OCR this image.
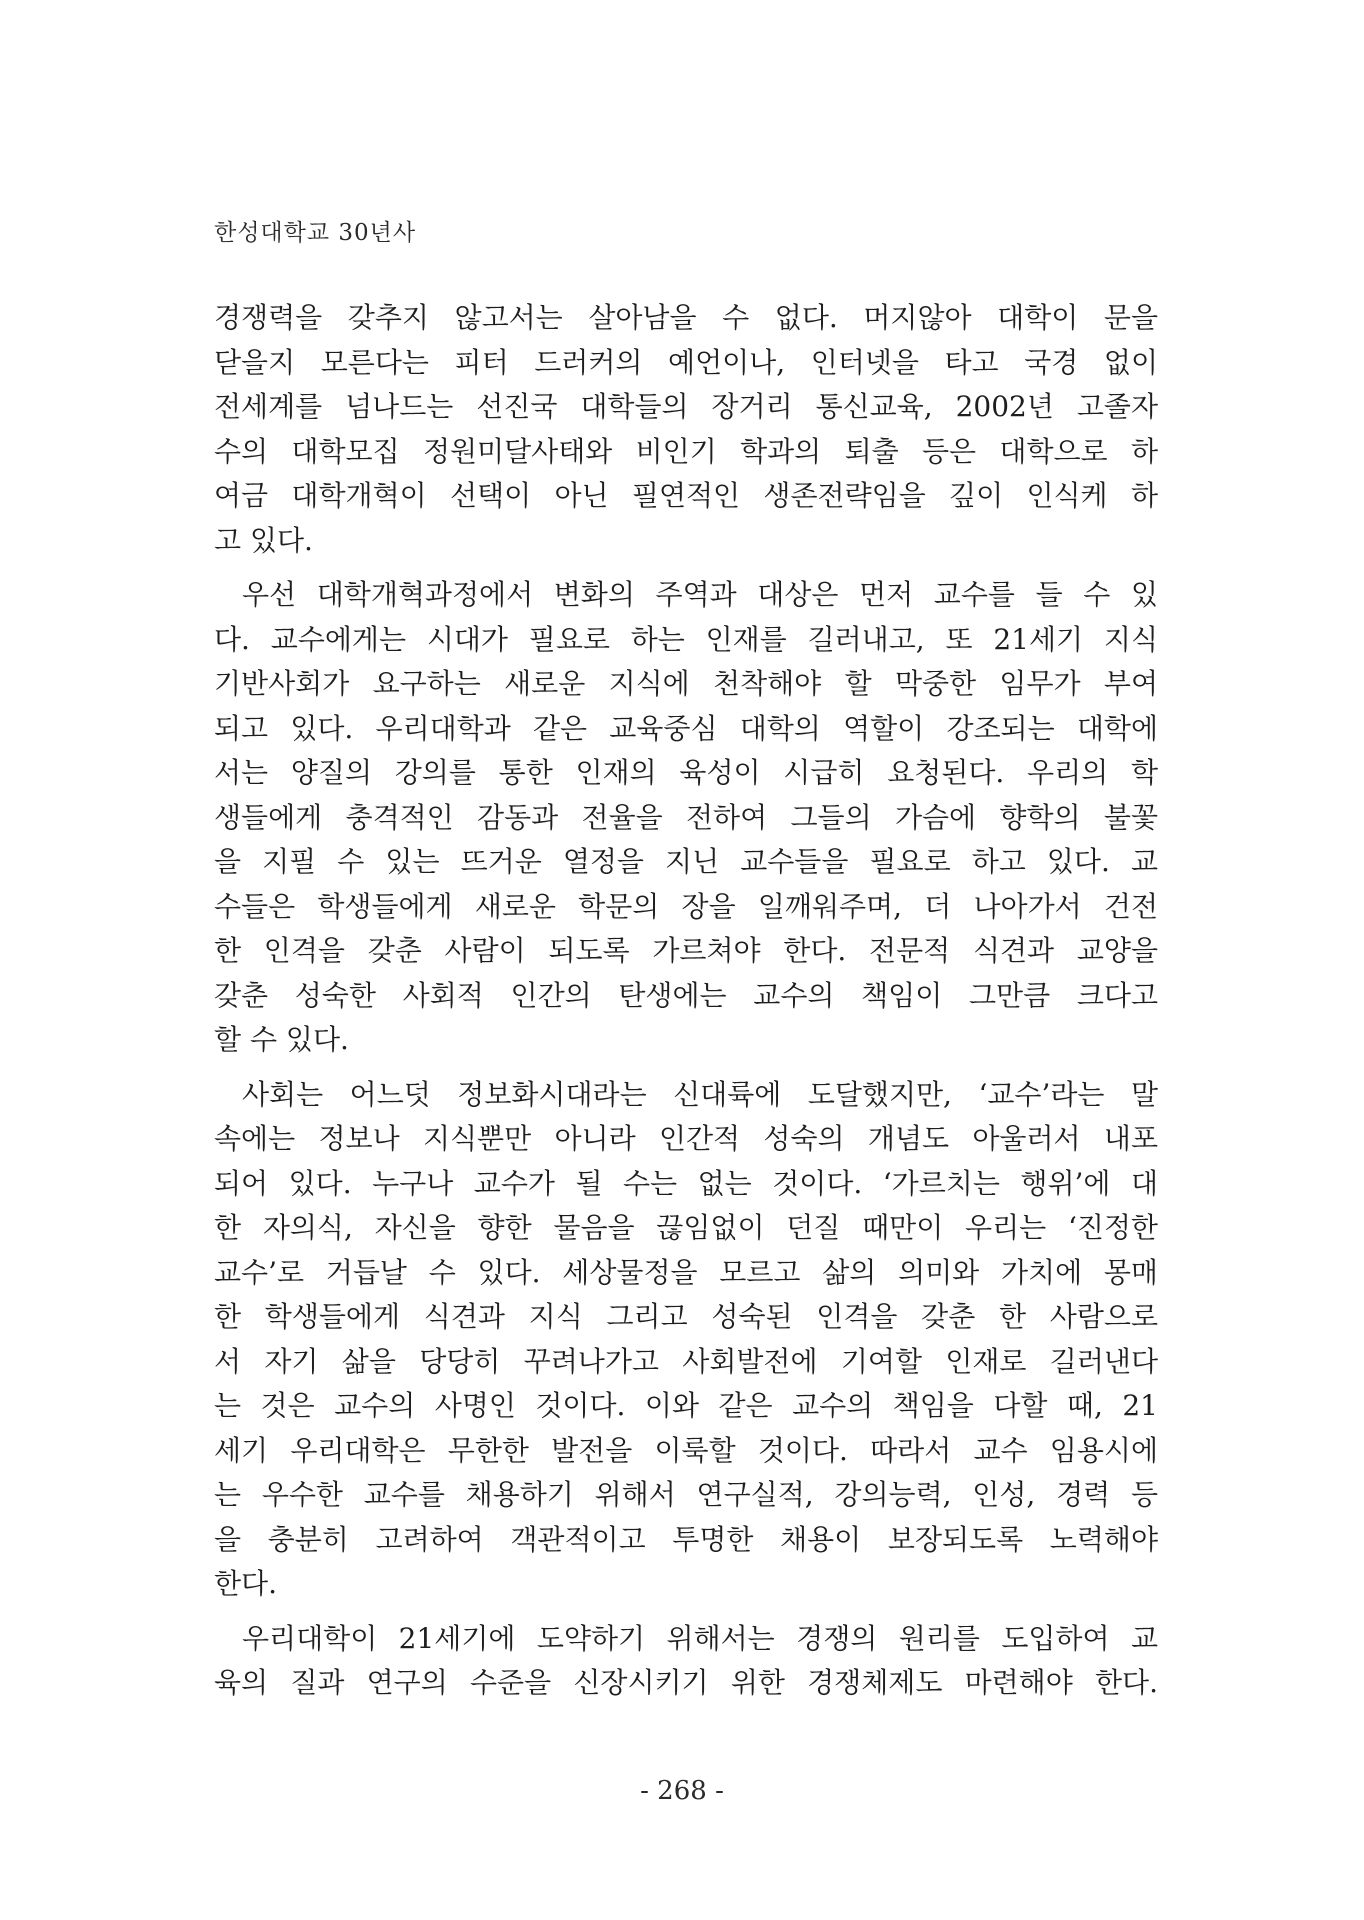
한성대학교 30년사
경쟁력을 갖추지 않고서는 살아남을 수 없다. 머지않아 대학이 문을
닫을지 모른다는 피터 드러커의 예언이나, 인터넷을 타고 국경 없이
전세계를 넘나드는 선진국 대학들의 장거리 통신교육, 2002년 고졸자
수의 대학모집 정원미달사태와 비인기 학과의 퇴출 등은 대학으로 하
여금 대학개혁이 선택이 아닌 필연적인 생존전략임을 깊이 인식케 하
고 있다.
우선 대학개혁과정에서 변화의 주역과 대상은 먼저 교수를 들 수 있
다. 교수에게는 시대가 필요로 하는 인재를 길러내고, 또 21세기 지식
기반사회가 요구하는 새로운 지식에 천착해야 할 막중한 임무가 부여
되고 있다. 우리대학과 같은 교육중심 대학의 역할이 강조되는 대학에
서는 양질의 강의를 통한 인재의 육성이 시급히 요청된다. 우리의 학
생들에게 충격적인 감동과 전율을 전하여 그들의 가슴에 향학의 불꽃
을 지필 수 있는 뜨거운 열정을 지닌 교수들을 필요로 하고 있다. 교
수들은 학생들에게 새로운 학문의 장을 일깨워주며, 더 나아가서 건전
한 인격을 갖춘 사람이 되도록 가르쳐야 한다. 전문적 식견과 교양을
갖춘 성숙한 사회적 인간의 탄생에는 교수의 책임이 그만큼 크다고
할 수 있다.
사회는 어느덧 정보화시대라는 신대륙에 도달했지만, ‘교수’라는 말
속에는 정보나 지식뿐만 아니라 인간적 성숙의 개념도 아울러서 내포
되어 있다. 누구나 교수가 될 수는 없는 것이다. ‘가르치는 행위’에 대
한 자의식, 자신을 향한 물음을 끊임없이 던질 때만이 우리는 ‘진정한
교수’로 거듭날 수 있다. 세상물정을 모르고 삶의 의미와 가치에 몽매
한 학생들에게 식견과 지식 그리고 성숙된 인격을 갖춘 한 사람으로
서 자기 삶을 당당히 꾸려나가고 사회발전에 기여할 인재로 길러낸다
는 것은 교수의 사명인 것이다. 이와 같은 교수의 책임을 다할 때, 21
세기 우리대학은 무한한 발전을 이룩할 것이다. 따라서 교수 임용시에
는 우수한 교수를 채용하기 위해서 연구실적, 강의능력, 인성, 경력 등
을 충분히 고려하여 객관적이고 투명한 채용이 보장되도록 노력해야
한다.
우리대학이 21세기에 도약하기 위해서는 경쟁의 원리를 도입하여 교
육의 질과 연구의 수준을 신장시키기 위한 경쟁체제도 마련해야 한다.
- 268 -
